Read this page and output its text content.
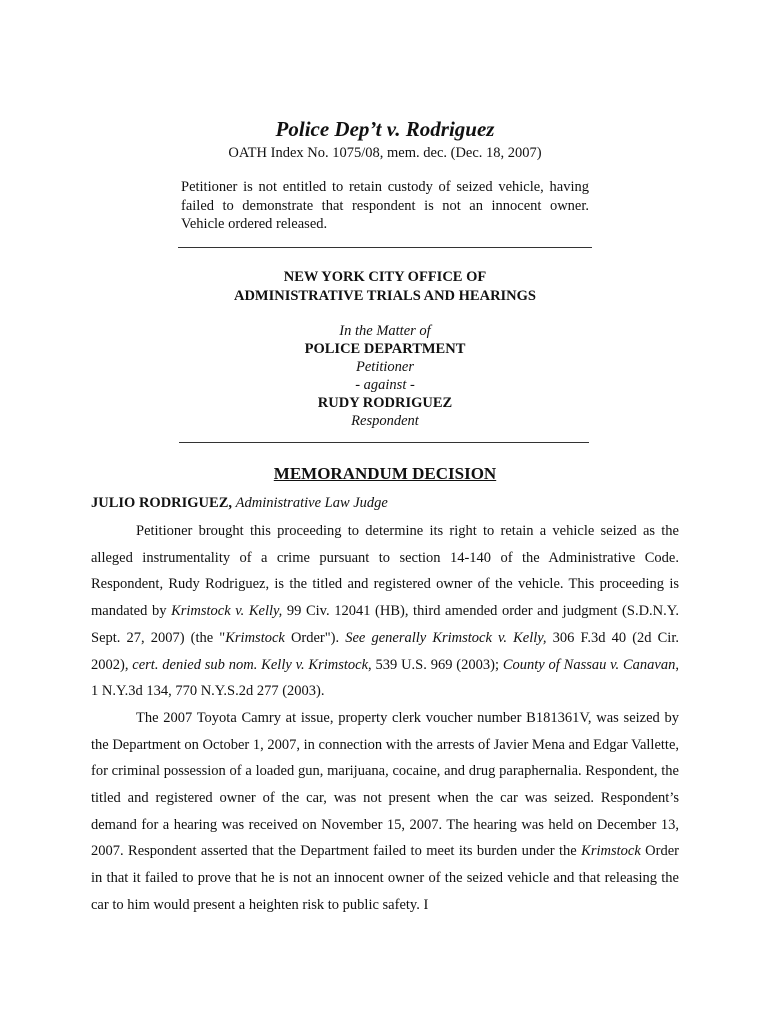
Police Dep’t v. Rodriguez
OATH Index No. 1075/08, mem. dec. (Dec. 18, 2007)
Petitioner is not entitled to retain custody of seized vehicle, having failed to demonstrate that respondent is not an innocent owner. Vehicle ordered released.
NEW YORK CITY OFFICE OF
ADMINISTRATIVE TRIALS AND HEARINGS
In the Matter of
POLICE DEPARTMENT
Petitioner
- against -
RUDY RODRIGUEZ
Respondent
MEMORANDUM DECISION
JULIO RODRIGUEZ, Administrative Law Judge

Petitioner brought this proceeding to determine its right to retain a vehicle seized as the alleged instrumentality of a crime pursuant to section 14-140 of the Administrative Code. Respondent, Rudy Rodriguez, is the titled and registered owner of the vehicle. This proceeding is mandated by Krimstock v. Kelly, 99 Civ. 12041 (HB), third amended order and judgment (S.D.N.Y. Sept. 27, 2007) (the "Krimstock Order"). See generally Krimstock v. Kelly, 306 F.3d 40 (2d Cir. 2002), cert. denied sub nom. Kelly v. Krimstock, 539 U.S. 969 (2003); County of Nassau v. Canavan, 1 N.Y.3d 134, 770 N.Y.S.2d 277 (2003).

The 2007 Toyota Camry at issue, property clerk voucher number B181361V, was seized by the Department on October 1, 2007, in connection with the arrests of Javier Mena and Edgar Vallette, for criminal possession of a loaded gun, marijuana, cocaine, and drug paraphernalia. Respondent, the titled and registered owner of the car, was not present when the car was seized. Respondent’s demand for a hearing was received on November 15, 2007. The hearing was held on December 13, 2007. Respondent asserted that the Department failed to meet its burden under the Krimstock Order in that it failed to prove that he is not an innocent owner of the seized vehicle and that releasing the car to him would present a heighten risk to public safety. I
